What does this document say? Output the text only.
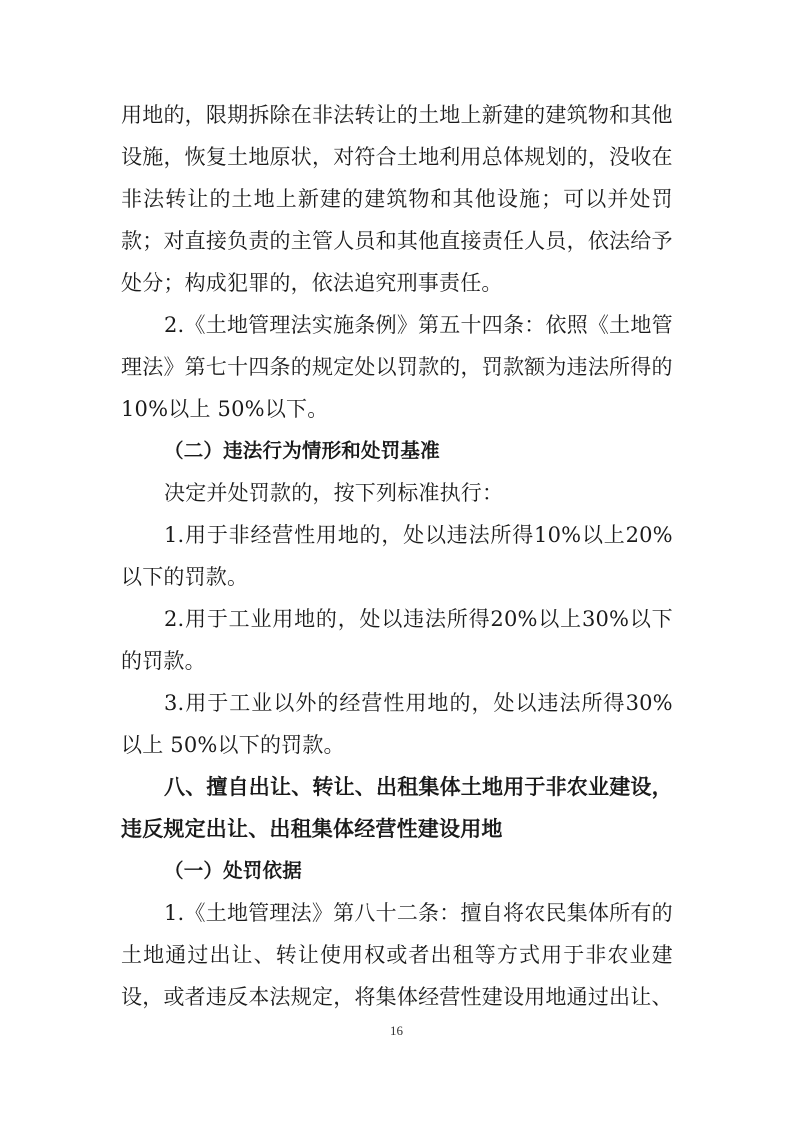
用 地 的 ， 限 期 拆 除 在 非 法 转 让 的 土 地 上 新 建 的 建 筑 物 和 其 他
设 施 ， 恢 复 土 地 原 状 ， 对 符 合 土 地 利 用 总 体 规 划 的 ， 没 收 在
非 法 转 让 的 土 地 上 新 建 的 建 筑 物 和 其 他 设 施 ； 可 以 并 处 罚
款 ； 对 直 接 负 责 的 主 管 人 员 和 其 他 直 接 责 任 人 员 ， 依 法 给 予
处分；构成犯罪的，依法追究刑事责任。
2. 《 土 地 管 理 法 实 施 条 例 》 第 五 十 四 条 ： 依 照 《 土 地 管
理 法 》 第 七 十 四 条 的 规 定 处 以 罚 款 的 ， 罚 款 额 为 违 法 所 得 的
10%以上 50%以下。
（二）违法行为情形和处罚基准
决定并处罚款的，按下列标准执行：
1. 用 于 非 经 营 性 用 地 的 ， 处 以 违 法 所 得 10% 以 上 20%
以下的罚款。
2. 用 于 工 业 用 地 的 ， 处 以 违 法 所 得 20% 以 上 30% 以 下
的罚款。
3. 用 于 工 业 以 外 的 经 营 性 用 地 的 ， 处 以 违 法 所 得 30%
以上 50%以下的罚款。
八、擅自出让、转让、出租集体土地用于非农业建设，
违反规定出让、出租集体经营性建设用地
（一）处罚依据
1. 《 土 地 管 理 法 》 第 八 十 二 条 ： 擅 自 将 农 民 集 体 所 有 的
土 地 通 过 出 让 、 转 让 使 用 权 或 者 出 租 等 方 式 用 于 非 农 业 建
设 ， 或 者 违 反 本 法 规 定 ， 将 集 体 经 营 性 建 设 用 地 通 过 出 让 、
16
